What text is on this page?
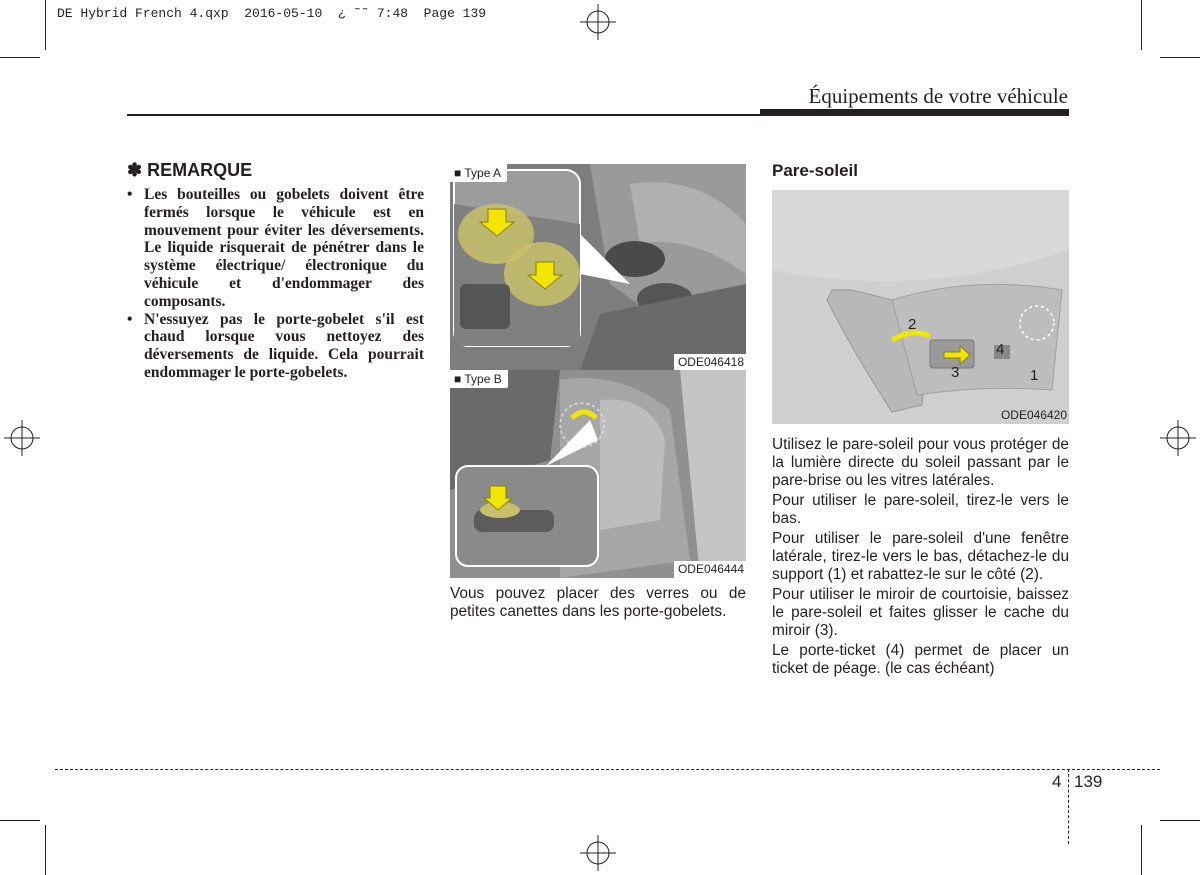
DE Hybrid French 4.qxp  2016-05-10  ¿ ˜˜ 7:48  Page 139
Équipements de votre véhicule
✽ REMARQUE
• Les bouteilles ou gobelets doivent être fermés lorsque le véhicule est en mouvement pour éviter les déversements. Le liquide risquerait de pénétrer dans le système électrique/ électronique du véhicule et d'endommager des composants.
• N'essuyez pas le porte-gobelet s'il est chaud lorsque vous nettoyez des déversements de liquide. Cela pourrait endommager le porte-gobelets.
■ Type A
ODE046418
■ Type B
ODE046444

Vous pouvez placer des verres ou de petites canettes dans les porte-gobelets.

Pare-soleil
2
4
3	1
ODE046420

Utilisez le pare-soleil pour vous protéger de la lumière directe du soleil passant par le pare-brise ou les vitres latérales.

Pour utiliser le pare-soleil, tirez-le vers le bas.

Pour utiliser le pare-soleil d'une fenêtre latérale, tirez-le vers le bas, détachez-le du support (1) et rabattez-le sur le côté (2).

Pour utiliser le miroir de courtoisie, baissez le pare-soleil et faites glisser le cache du miroir (3).

Le porte-ticket (4) permet de placer un ticket de péage. (le cas échéant)

4 139
